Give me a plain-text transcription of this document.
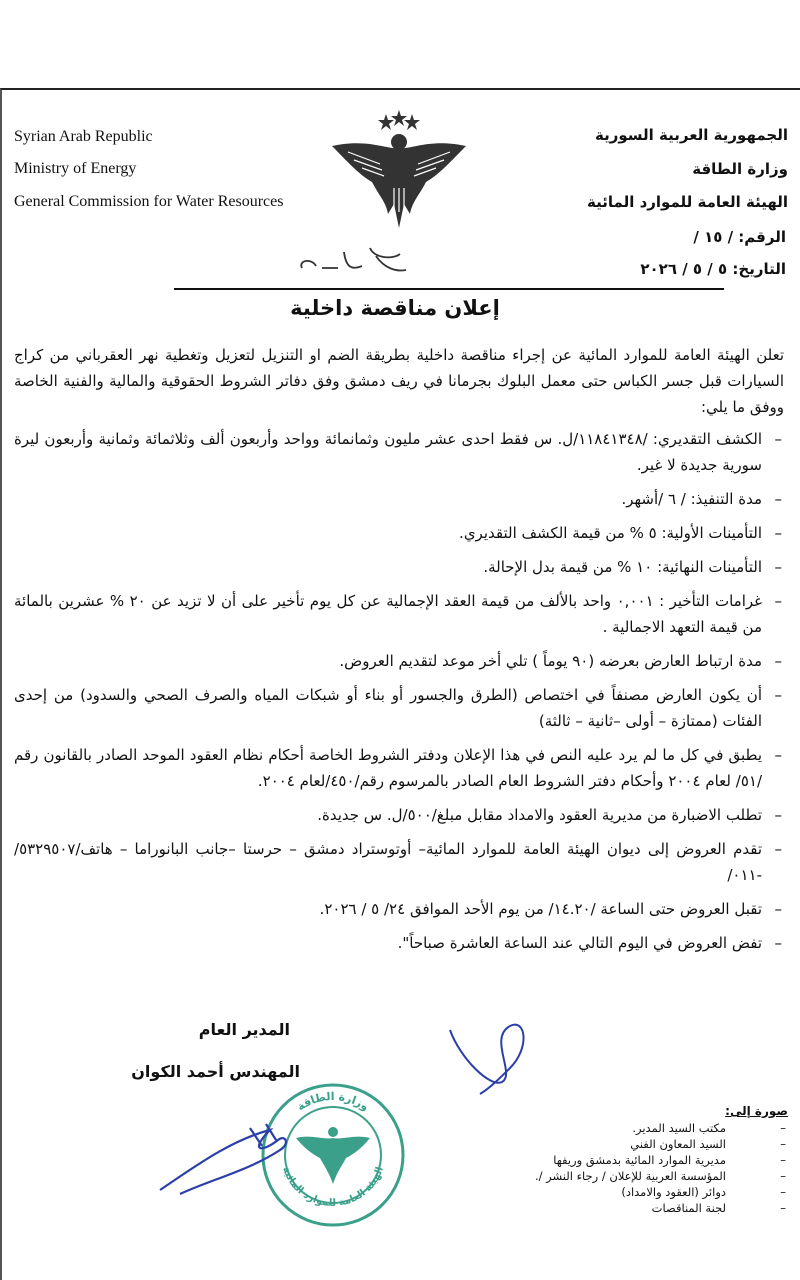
Syrian Arab Republic
Ministry of Energy
General Commission for Water Resources
الجمهورية العربية السورية
وزارة الطاقة
الهيئة العامة للموارد المائية
الرقم: / ١٥ /
التاريخ: ٥ / ٥ / ٢٠٢٦
إعلان مناقصة داخلية

تعلن الهيئة العامة للموارد المائية عن إجراء مناقصة داخلية بطريقة الضم او التنزيل لتعزيل وتغطية نهر العقرباني من كراج السيارات قبل جسر الكباس حتى معمل البلوك بجرمانا في ريف دمشق وفق دفاتر الشروط الحقوقية والمالية والفنية الخاصة ووفق ما يلي:

– الكشف التقديري: /١١٨٤١٣٤٨/ل. س فقط احدى عشر مليون وثمانمائة وواحد وأربعون ألف وثلاثمائة وثمانية وأربعون ليرة سورية جديدة لا غير.
– مدة التنفيذ: / ٦ /أشهر.
– التأمينات الأولية: ٥ % من قيمة الكشف التقديري.
– التأمينات النهائية: ١٠ % من قيمة بدل الإحالة.
– غرامات التأخير : ٠,٠٠١ واحد بالألف من قيمة العقد الإجمالية عن كل يوم تأخير على أن لا تزيد عن ٢٠ % عشرين بالمائة من قيمة التعهد الاجمالية .
– مدة ارتباط العارض بعرضه (٩٠ يوماً ) تلي أخر موعد لتقديم العروض.
– أن يكون العارض مصنفاً في اختصاص (الطرق والجسور أو بناء أو شبكات المياه والصرف الصحي والسدود) من إحدى الفئات (ممتازة – أولى –ثانية – ثالثة)
– يطبق في كل ما لم يرد عليه النص في هذا الإعلان ودفتر الشروط الخاصة أحكام نظام العقود الموحد الصادر بالقانون رقم /٥١/ لعام ٢٠٠٤ وأحكام دفتر الشروط العام الصادر بالمرسوم رقم/٤٥٠/لعام ٢٠٠٤.
– تطلب الاضبارة من مديرية العقود والامداد مقابل مبلغ/٥٠٠/ل. س جديدة.
– تقدم العروض إلى ديوان الهيئة العامة للموارد المائية– أوتوستراد دمشق – حرستا –جانب البانوراما – هاتف/٥٣٢٩٥٠٧/ -٠١١/
– تقبل العروض حتى الساعة /١٤.٢٠/ من يوم الأحد الموافق ٢٤/ ٥ / ٢٠٢٦.
– تفض العروض في اليوم التالي عند الساعة العاشرة صباحاً".
المدير العام
المهندس أحمد الكوان
وزارة الطاقة
الهيئة العامة للموارد المائية
صورة إلى:
– مكتب السيد المدير.
– السيد المعاون الفني
– مديرية الموارد المائية بدمشق وريفها
– المؤسسة العربية للإعلان / رجاء النشر /.
– دوائر (العقود والامداد)
– لجنة المناقصات
